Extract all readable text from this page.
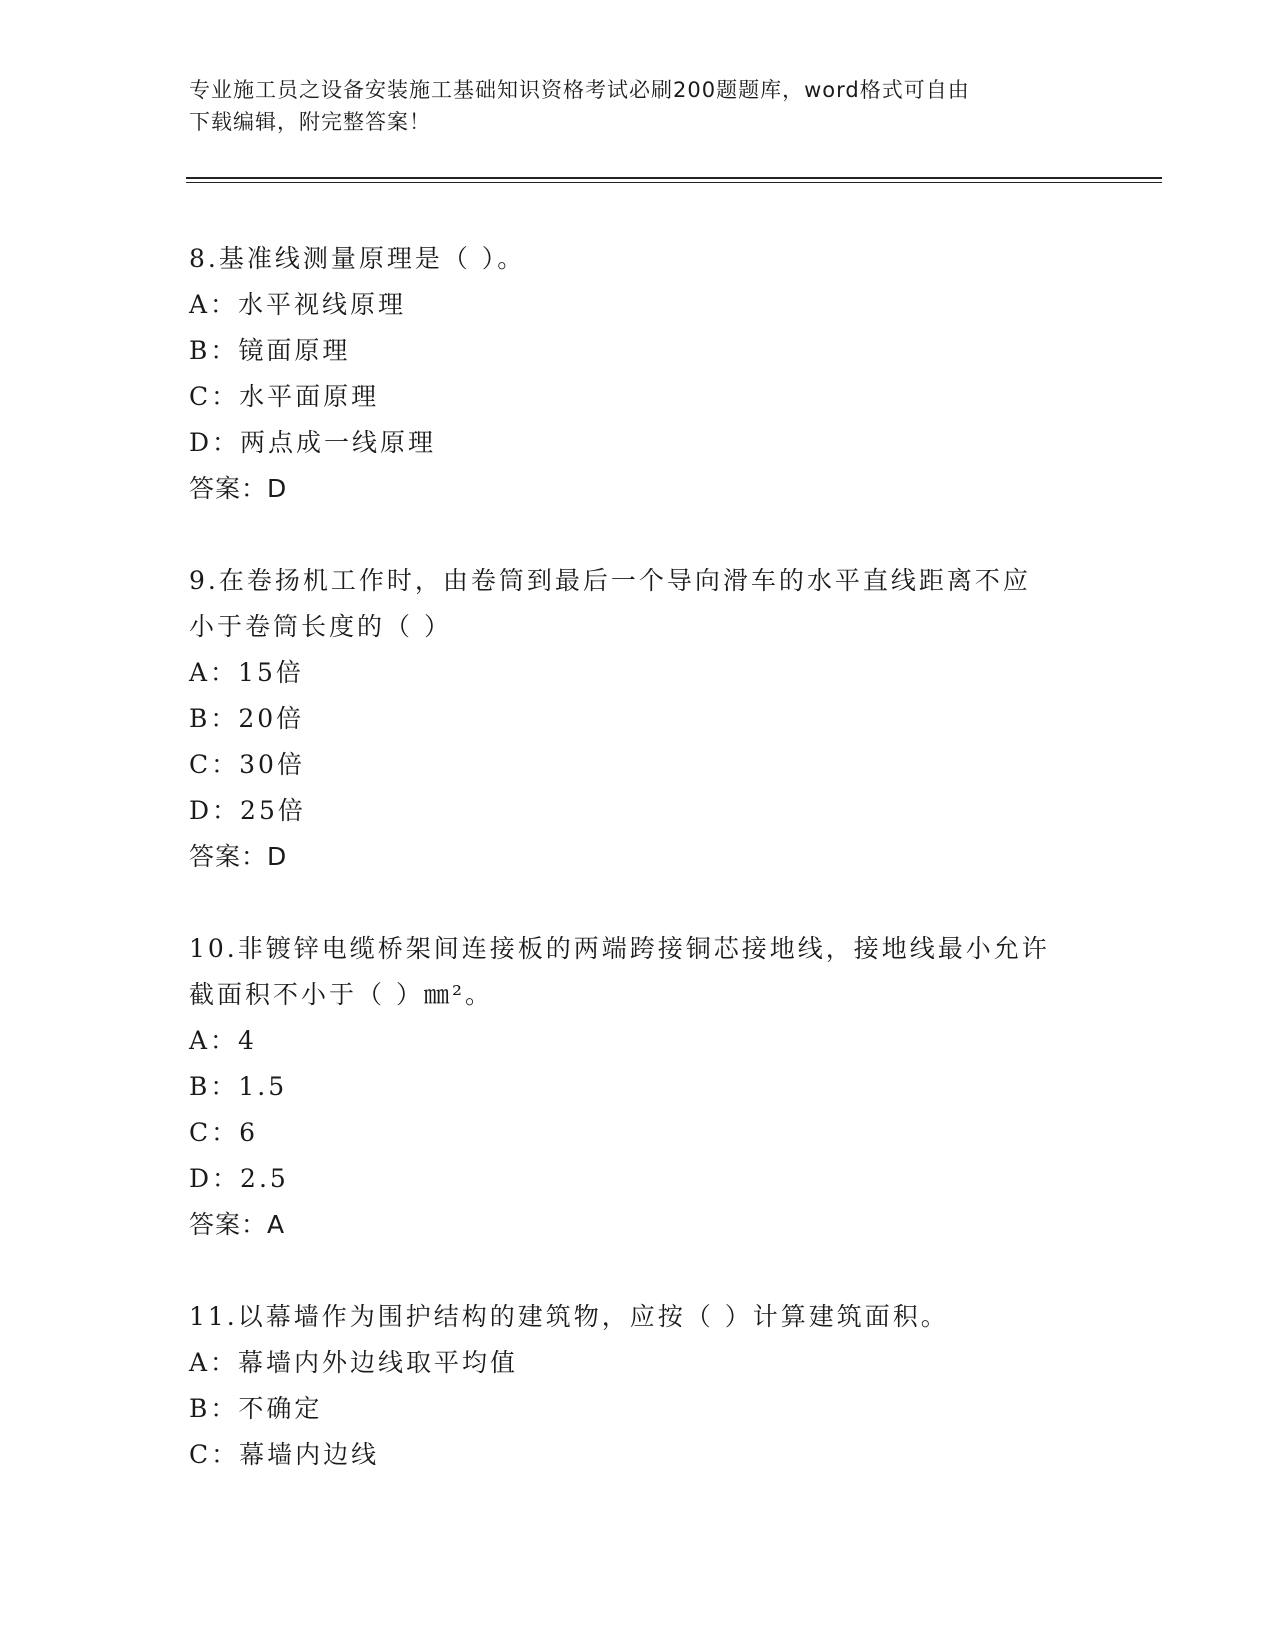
专业施工员之设备安装施工基础知识资格考试必刷200题题库，word格式可自由
下载编辑，附完整答案！
8.基准线测量原理是（ ）。
A：水平视线原理
B：镜面原理
C：水平面原理
D：两点成一线原理
答案：D
9.在卷扬机工作时，由卷筒到最后一个导向滑车的水平直线距离不应
小于卷筒长度的（ ）
A：15倍
B：20倍
C：30倍
D：25倍
答案：D
10.非镀锌电缆桥架间连接板的两端跨接铜芯接地线，接地线最小允许
截面积不小于（ ）㎜²。
A：4
B：1.5
C：6
D：2.5
答案：A
11.以幕墙作为围护结构的建筑物，应按（ ）计算建筑面积。
A：幕墙内外边线取平均值
B：不确定
C：幕墙内边线
